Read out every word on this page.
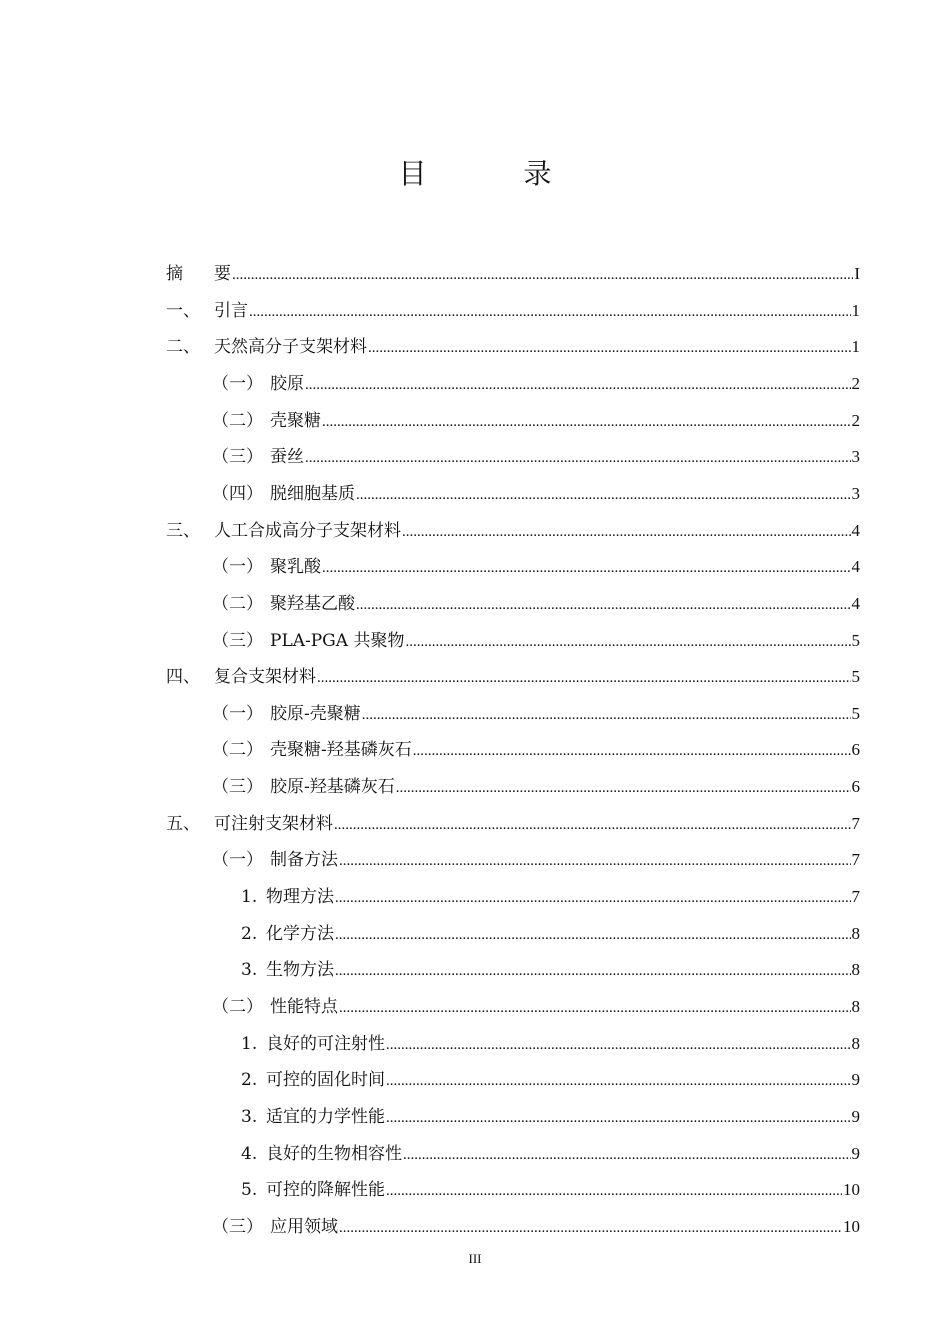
目 录
摘	要 .....	I
一、 引言 .....	1
二、 天然高分子支架材料 .....	1
（一） 胶原 .....	2
（二） 壳聚糖 .....	2
（三） 蚕丝 .....	3
（四） 脱细胞基质 .....	3
三、 人工合成高分子支架材料 .....	4
（一） 聚乳酸 .....	4
（二） 聚羟基乙酸 .....	4
（三） PLA-PGA 共聚物 .....	5
四、 复合支架材料 .....	5
（一） 胶原-壳聚糖 .....	5
（二） 壳聚糖-羟基磷灰石 .....	6
（三） 胶原-羟基磷灰石 .....	6
五、 可注射支架材料 .....	7
（一） 制备方法 .....	7
1. 物理方法 .....	7
2. 化学方法 .....	8
3. 生物方法 .....	8
（二） 性能特点 .....	8
1. 良好的可注射性 .....	8
2. 可控的固化时间 .....	9
3. 适宜的力学性能 .....	9
4. 良好的生物相容性 .....	9
5. 可控的降解性能 .....	10
（三） 应用领域 .....	10
III
